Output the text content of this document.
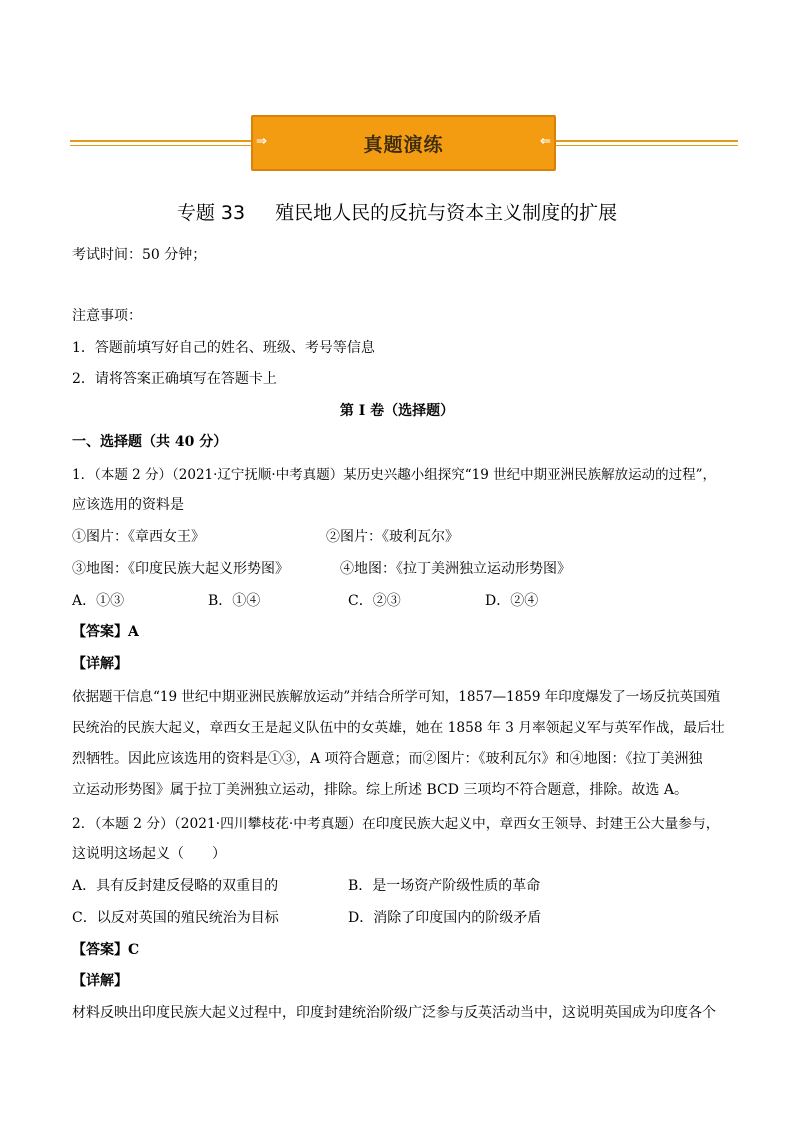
真题演练
⇒	⇐
专题 33 殖民地人民的反抗与资本主义制度的扩展
考试时间：50 分钟；
注意事项：
1．答题前填写好自己的姓名、班级、考号等信息
2．请将答案正确填写在答题卡上
第 I 卷（选择题）
一、选择题（共 40 分）
1．（本题 2 分）（2021·辽宁抚顺·中考真题）某历史兴趣小组探究“19 世纪中期亚洲民族解放运动的过程”，
应该选用的资料是
①图片：《章西女王》	②图片：《玻利瓦尔》
③地图：《印度民族大起义形势图》	④地图：《拉丁美洲独立运动形势图》
A．①③	B．①④	C．②③	D．②④
【答案】A
【详解】
依据题干信息“19 世纪中期亚洲民族解放运动”并结合所学可知，1857—1859 年印度爆发了一场反抗英国殖
民统治的民族大起义，章西女王是起义队伍中的女英雄，她在 1858 年 3 月率领起义军与英军作战，最后壮
烈牺牲。因此应该选用的资料是①③，A 项符合题意；而②图片：《玻利瓦尔》和④地图：《拉丁美洲独
立运动形势图》属于拉丁美洲独立运动，排除。综上所述 BCD 三项均不符合题意，排除。故选 A。
2．（本题 2 分）（2021·四川攀枝花·中考真题）在印度民族大起义中，章西女王领导、封建王公大量参与，
这说明这场起义（　　）
A．具有反封建反侵略的双重目的	B．是一场资产阶级性质的革命
C．以反对英国的殖民统治为目标	D．消除了印度国内的阶级矛盾
【答案】C
【详解】
材料反映出印度民族大起义过程中，印度封建统治阶级广泛参与反英活动当中，这说明英国成为印度各个
